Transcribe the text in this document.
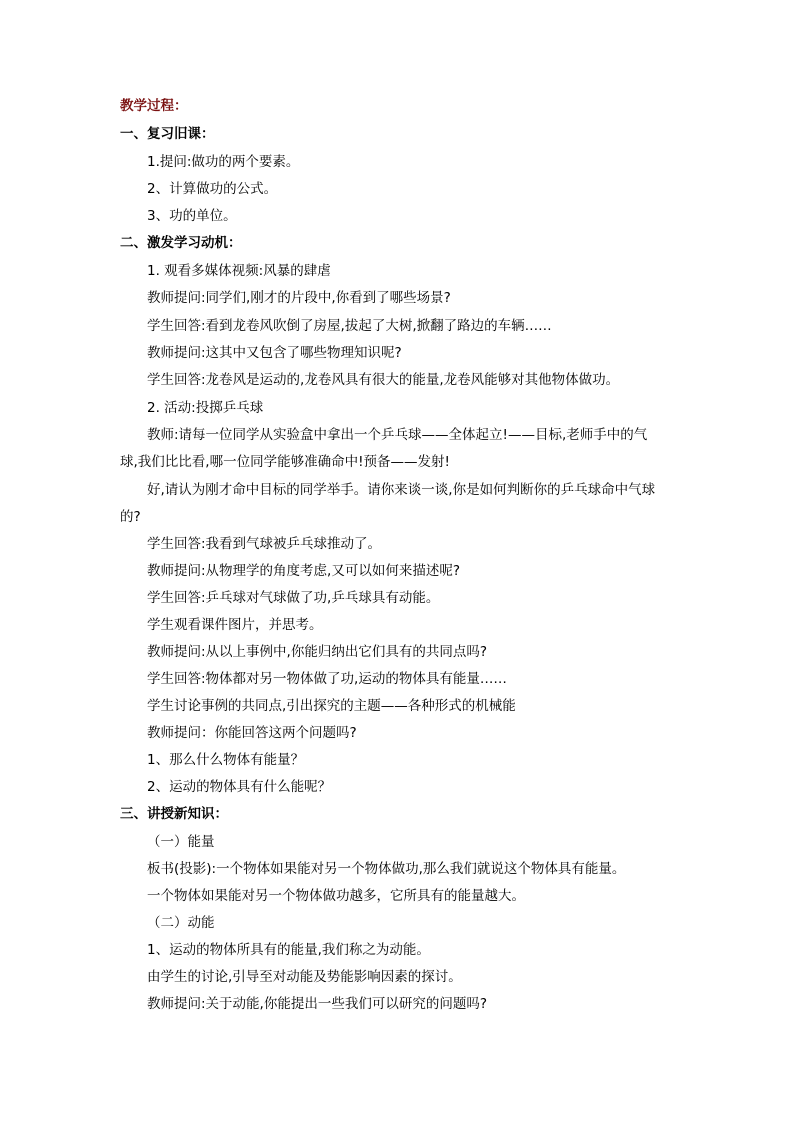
教学过程：
一、复习旧课：
1.提问:做功的两个要素。
2、计算做功的公式。
3、功的单位。
二、激发学习动机：
1. 观看多媒体视频:风暴的肆虐
教师提问:同学们,刚才的片段中,你看到了哪些场景?
学生回答:看到龙卷风吹倒了房屋,拔起了大树,掀翻了路边的车辆……
教师提问:这其中又包含了哪些物理知识呢?
学生回答:龙卷风是运动的,龙卷风具有很大的能量,龙卷风能够对其他物体做功。
2. 活动:投掷乒乓球
教师:请每一位同学从实验盒中拿出一个乒乓球——全体起立!——目标,老师手中的气
球,我们比比看,哪一位同学能够准确命中!预备——发射!
好,请认为刚才命中目标的同学举手。请你来谈一谈,你是如何判断你的乒乓球命中气球
的?
学生回答:我看到气球被乒乓球推动了。
教师提问:从物理学的角度考虑,又可以如何来描述呢?
学生回答:乒乓球对气球做了功,乒乓球具有动能。
学生观看课件图片，并思考。
教师提问:从以上事例中,你能归纳出它们具有的共同点吗?
学生回答:物体都对另一物体做了功,运动的物体具有能量……
学生讨论事例的共同点,引出探究的主题——各种形式的机械能
教师提问：你能回答这两个问题吗?
1、那么什么物体有能量？
2、运动的物体具有什么能呢？
三、讲授新知识：
（一）能量
板书(投影):一个物体如果能对另一个物体做功,那么我们就说这个物体具有能量。
一个物体如果能对另一个物体做功越多，它所具有的能量越大。
（二）动能
1、运动的物体所具有的能量,我们称之为动能。
由学生的讨论,引导至对动能及势能影响因素的探讨。
教师提问:关于动能,你能提出一些我们可以研究的问题吗?
